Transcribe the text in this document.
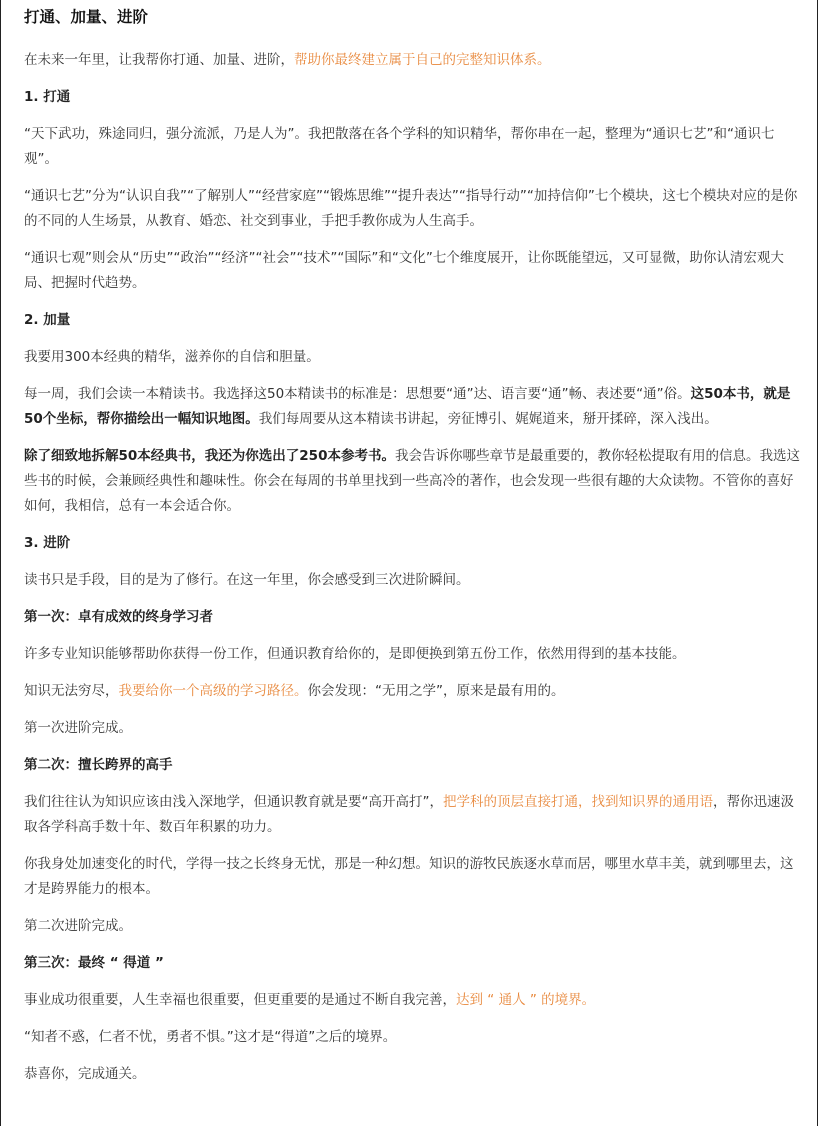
打通、加量、进阶

在未来一年里，让我帮你打通、加量、进阶，帮助你最终建立属于自己的完整知识体系。

1. 打通

“天下武功，殊途同归，强分流派，乃是人为”。我把散落在各个学科的知识精华，帮你串在一起，整理为“通识七艺”和“通识七观”。

“通识七艺”分为“认识自我”“了解别人”“经营家庭”“锻炼思维”“提升表达”“指导行动”“加持信仰”七个模块，这七个模块对应的是你的不同的人生场景，从教育、婚恋、社交到事业，手把手教你成为人生高手。

“通识七观”则会从“历史”“政治”“经济”“社会”“技术”“国际”和“文化”七个维度展开，让你既能望远，又可显微，助你认清宏观大局、把握时代趋势。

2. 加量

我要用300本经典的精华，滋养你的自信和胆量。

每一周，我们会读一本精读书。我选择这50本精读书的标准是：思想要“通”达、语言要“通”畅、表述要“通”俗。这50本书，就是50个坐标，帮你描绘出一幅知识地图。我们每周要从这本精读书讲起，旁征博引、娓娓道来，掰开揉碎，深入浅出。

除了细致地拆解50本经典书，我还为你选出了250本参考书。我会告诉你哪些章节是最重要的，教你轻松提取有用的信息。我选这些书的时候，会兼顾经典性和趣味性。你会在每周的书单里找到一些高冷的著作，也会发现一些很有趣的大众读物。不管你的喜好如何，我相信，总有一本会适合你。

3. 进阶

读书只是手段，目的是为了修行。在这一年里，你会感受到三次进阶瞬间。

第一次：卓有成效的终身学习者

许多专业知识能够帮助你获得一份工作，但通识教育给你的，是即便换到第五份工作，依然用得到的基本技能。

知识无法穷尽，我要给你一个高级的学习路径。你会发现：“无用之学”，原来是最有用的。

第一次进阶完成。

第二次：擅长跨界的高手

我们往往认为知识应该由浅入深地学，但通识教育就是要“高开高打”，把学科的顶层直接打通，找到知识界的通用语，帮你迅速汲取各学科高手数十年、数百年积累的功力。

你我身处加速变化的时代，学得一技之长终身无忧，那是一种幻想。知识的游牧民族逐水草而居，哪里水草丰美，就到哪里去，这才是跨界能力的根本。

第二次进阶完成。

第三次：最终 “ 得道 ”

事业成功很重要，人生幸福也很重要，但更重要的是通过不断自我完善，达到 “ 通人 ” 的境界。

“知者不惑，仁者不忧，勇者不惧。”这才是“得道”之后的境界。

恭喜你，完成通关。
